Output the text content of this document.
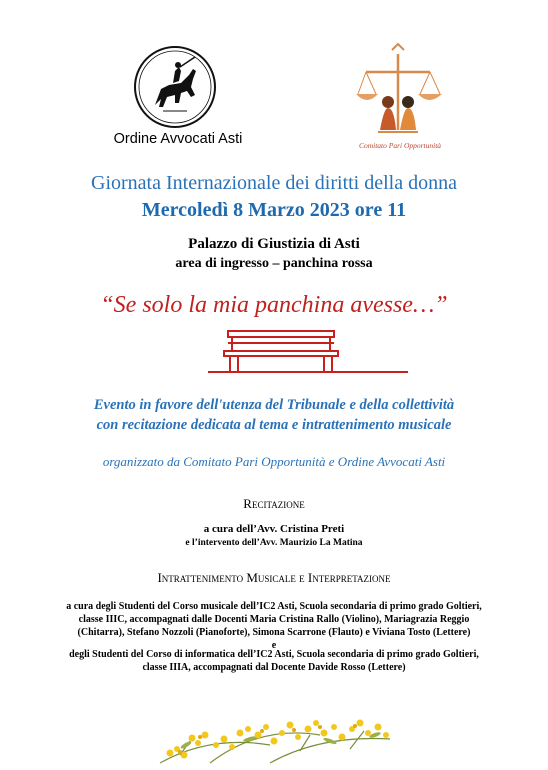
Ordine Avvocati Asti	Comitato Pari Opportunità
Giornata Internazionale dei diritti della donna
Mercoledì 8 Marzo 2023 ore 11
Palazzo di Giustizia di Asti
area di ingresso – panchina rossa
“Se solo la mia panchina avesse…”
Evento in favore dell'utenza del Tribunale e della collettività
con recitazione dedicata al tema e intrattenimento musicale
organizzato da Comitato Pari Opportunità e Ordine Avvocati Asti
Recitazione
a cura dell’Avv. Cristina Preti
e l’intervento dell’Avv. Maurizio La Matina
Intrattenimento Musicale e Interpretazione
a cura degli Studenti del Corso musicale dell’IC2 Asti, Scuola secondaria di primo grado Goltieri,
classe IIIC, accompagnati dalle Docenti Maria Cristina Rallo (Violino), Mariagrazia Reggio
(Chitarra), Stefano Nozzoli (Pianoforte), Simona Scarrone (Flauto) e Viviana Tosto (Lettere)
e
degli Studenti del Corso di informatica dell’IC2 Asti, Scuola secondaria di primo grado Goltieri,
classe IIIA, accompagnati dal Docente Davide Rosso (Lettere)
